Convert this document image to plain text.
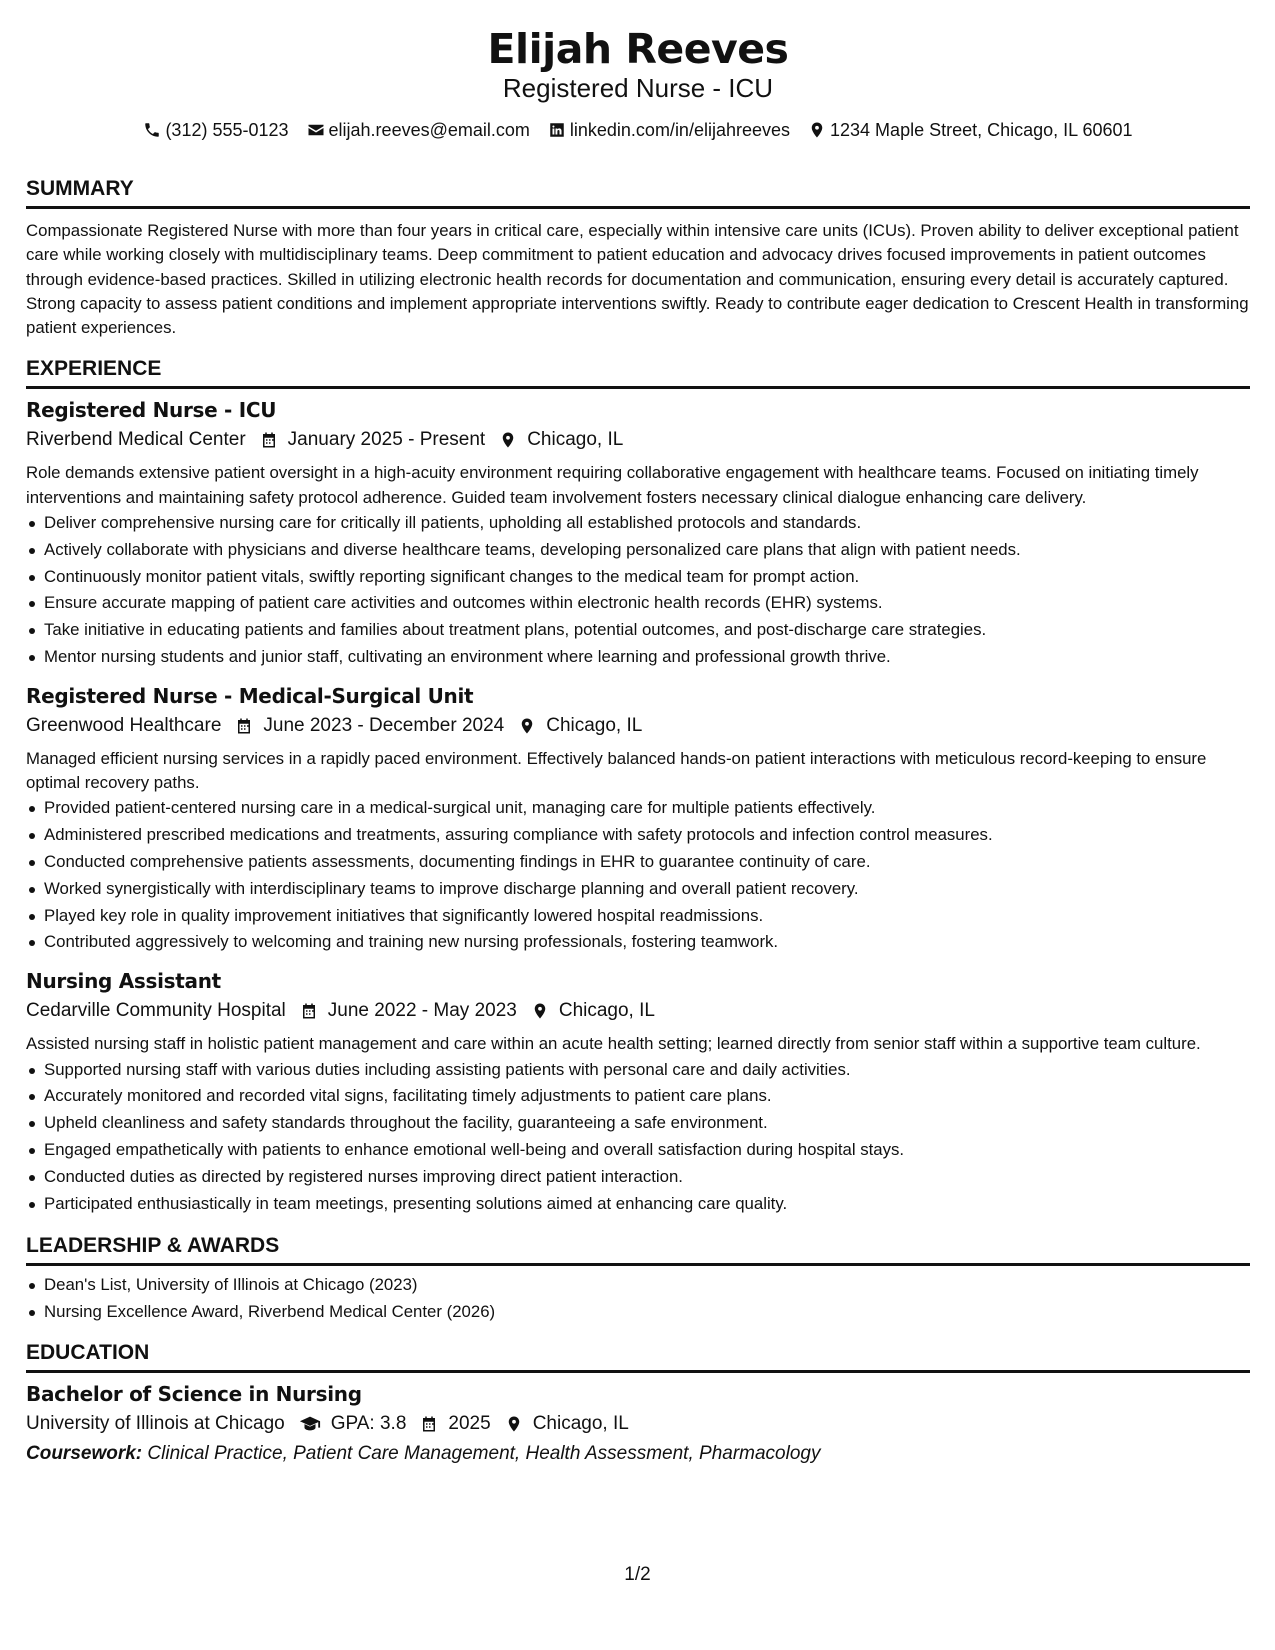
Elijah Reeves
Registered Nurse - ICU
(312) 555-0123 elijah.reeves@email.com linkedin.com/in/elijahreeves 1234 Maple Street, Chicago, IL 60601
SUMMARY
Compassionate Registered Nurse with more than four years in critical care, especially within intensive care units (ICUs). Proven ability to deliver exceptional patient care while working closely with multidisciplinary teams. Deep commitment to patient education and advocacy drives focused improvements in patient outcomes through evidence-based practices. Skilled in utilizing electronic health records for documentation and communication, ensuring every detail is accurately captured. Strong capacity to assess patient conditions and implement appropriate interventions swiftly. Ready to contribute eager dedication to Crescent Health in transforming patient experiences.
EXPERIENCE
Registered Nurse - ICU
Riverbend Medical Center January 2025 - Present Chicago, IL
Role demands extensive patient oversight in a high-acuity environment requiring collaborative engagement with healthcare teams. Focused on initiating timely interventions and maintaining safety protocol adherence. Guided team involvement fosters necessary clinical dialogue enhancing care delivery.
Deliver comprehensive nursing care for critically ill patients, upholding all established protocols and standards.
Actively collaborate with physicians and diverse healthcare teams, developing personalized care plans that align with patient needs.
Continuously monitor patient vitals, swiftly reporting significant changes to the medical team for prompt action.
Ensure accurate mapping of patient care activities and outcomes within electronic health records (EHR) systems.
Take initiative in educating patients and families about treatment plans, potential outcomes, and post-discharge care strategies.
Mentor nursing students and junior staff, cultivating an environment where learning and professional growth thrive.
Registered Nurse - Medical-Surgical Unit
Greenwood Healthcare June 2023 - December 2024 Chicago, IL
Managed efficient nursing services in a rapidly paced environment. Effectively balanced hands-on patient interactions with meticulous record-keeping to ensure optimal recovery paths.
Provided patient-centered nursing care in a medical-surgical unit, managing care for multiple patients effectively.
Administered prescribed medications and treatments, assuring compliance with safety protocols and infection control measures.
Conducted comprehensive patients assessments, documenting findings in EHR to guarantee continuity of care.
Worked synergistically with interdisciplinary teams to improve discharge planning and overall patient recovery.
Played key role in quality improvement initiatives that significantly lowered hospital readmissions.
Contributed aggressively to welcoming and training new nursing professionals, fostering teamwork.
Nursing Assistant
Cedarville Community Hospital June 2022 - May 2023 Chicago, IL
Assisted nursing staff in holistic patient management and care within an acute health setting; learned directly from senior staff within a supportive team culture.
Supported nursing staff with various duties including assisting patients with personal care and daily activities.
Accurately monitored and recorded vital signs, facilitating timely adjustments to patient care plans.
Upheld cleanliness and safety standards throughout the facility, guaranteeing a safe environment.
Engaged empathetically with patients to enhance emotional well-being and overall satisfaction during hospital stays.
Conducted duties as directed by registered nurses improving direct patient interaction.
Participated enthusiastically in team meetings, presenting solutions aimed at enhancing care quality.
LEADERSHIP & AWARDS
Dean's List, University of Illinois at Chicago (2023)
Nursing Excellence Award, Riverbend Medical Center (2026)
EDUCATION
Bachelor of Science in Nursing
University of Illinois at Chicago GPA: 3.8 2025 Chicago, IL
Coursework: Clinical Practice, Patient Care Management, Health Assessment, Pharmacology
1/2
